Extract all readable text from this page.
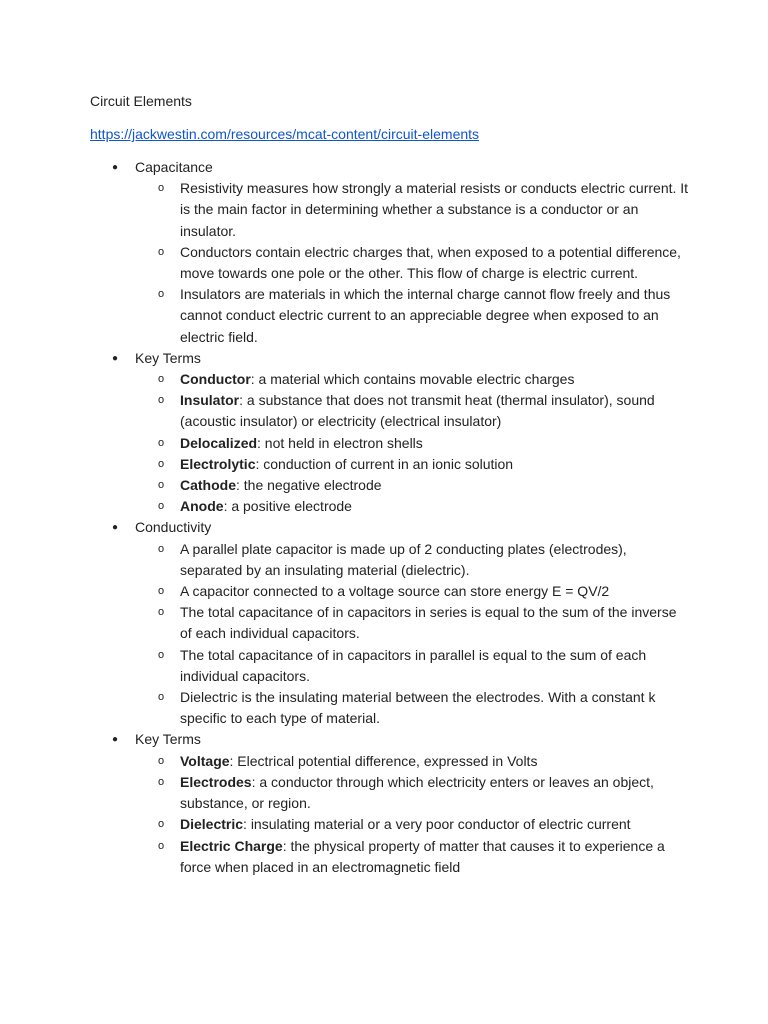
Circuit Elements
https://jackwestin.com/resources/mcat-content/circuit-elements
● Capacitance
o Resistivity measures how strongly a material resists or conducts electric current. It is the main factor in determining whether a substance is a conductor or an insulator.
o Conductors contain electric charges that, when exposed to a potential difference, move towards one pole or the other. This flow of charge is electric current.
o Insulators are materials in which the internal charge cannot flow freely and thus cannot conduct electric current to an appreciable degree when exposed to an electric field.
● Key Terms
o Conductor: a material which contains movable electric charges
o Insulator: a substance that does not transmit heat (thermal insulator), sound (acoustic insulator) or electricity (electrical insulator)
o Delocalized: not held in electron shells
o Electrolytic: conduction of current in an ionic solution
o Cathode: the negative electrode
o Anode: a positive electrode
● Conductivity
o A parallel plate capacitor is made up of 2 conducting plates (electrodes), separated by an insulating material (dielectric).
o A capacitor connected to a voltage source can store energy E = QV/2
o The total capacitance of in capacitors in series is equal to the sum of the inverse of each individual capacitors.
o The total capacitance of in capacitors in parallel is equal to the sum of each individual capacitors.
o Dielectric is the insulating material between the electrodes. With a constant k specific to each type of material.
● Key Terms
o Voltage: Electrical potential difference, expressed in Volts
o Electrodes: a conductor through which electricity enters or leaves an object, substance, or region.
o Dielectric: insulating material or a very poor conductor of electric current
o Electric Charge: the physical property of matter that causes it to experience a force when placed in an electromagnetic field
